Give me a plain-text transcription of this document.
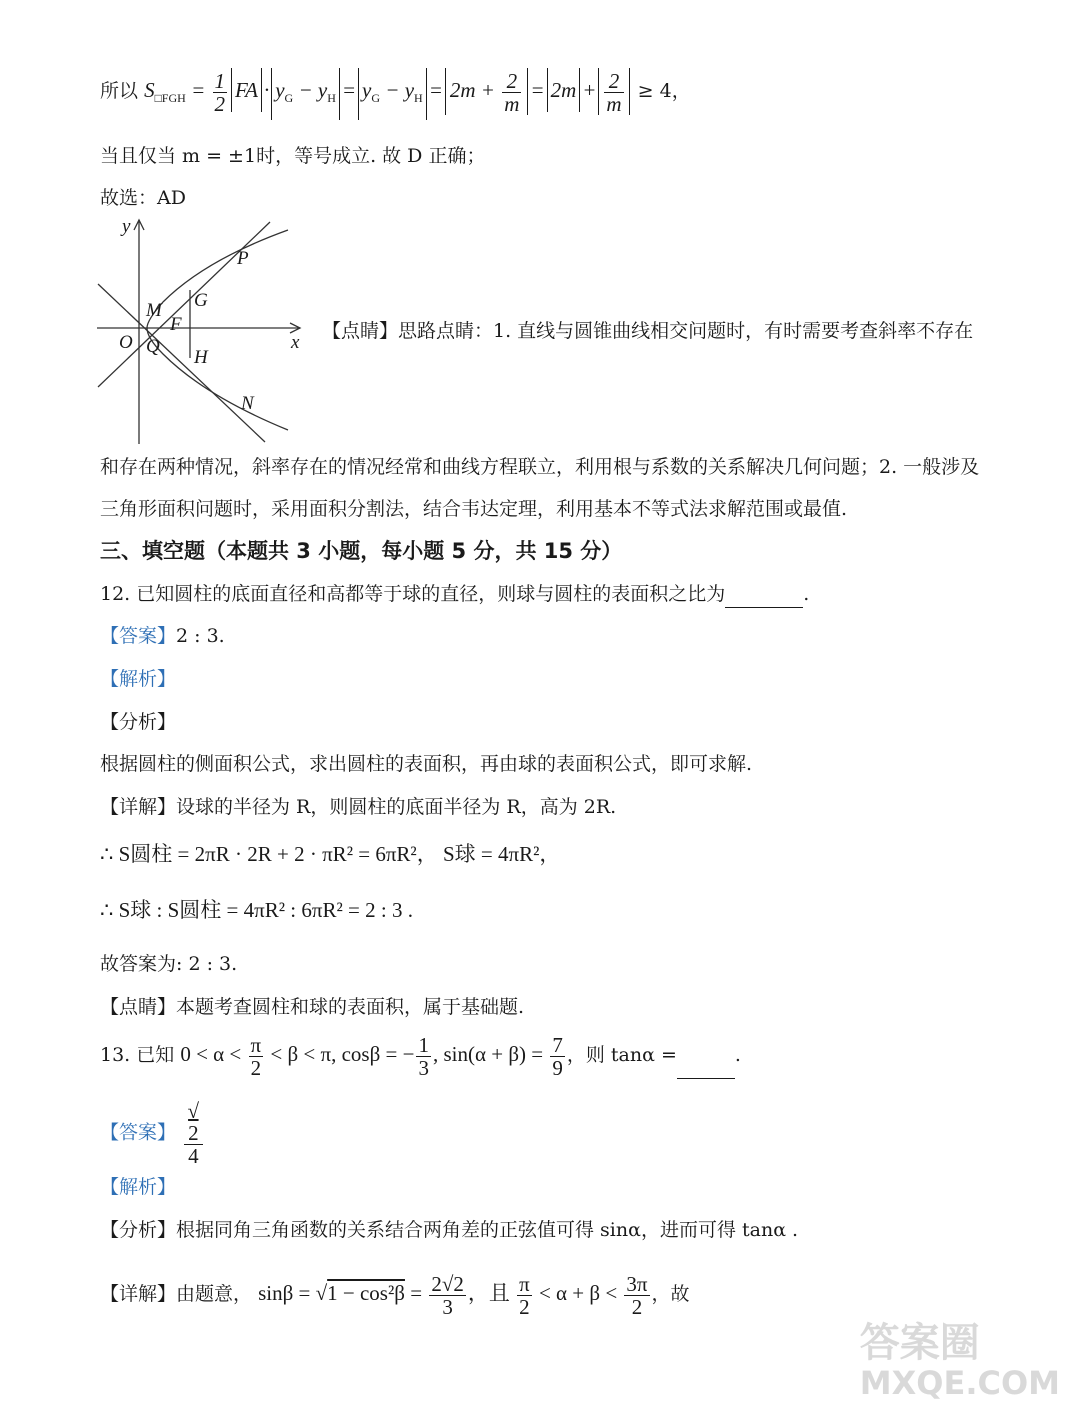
所以 $S_{□FGH} = \frac{1}{2}$ FA · $y_G - y_H = y_G - y_H = 2m + \frac{2}{m} = 2m + \frac{2}{m} \ge 4$，
当且仅当 m = ±1时，等号成立. 故 D 正确；
故选：AD
y
x
O
P
M G
F
Q
H
N
【点睛】思路点睛：1. 直线与圆锥曲线相交问题时，有时需要考查斜率不存在
和存在两种情况，斜率存在的情况经常和曲线方程联立，利用根与系数的关系解决几何问题；2. 一般涉及
三角形面积问题时，采用面积分割法，结合韦达定理，利用基本不等式法求解范围或最值.
三、填空题（本题共 3 小题，每小题 5 分，共 15 分）
12. 已知圆柱的底面直径和高都等于球的直径，则球与圆柱的表面积之比为	.
【答案】2 : 3.
【解析】
【分析】
根据圆柱的侧面积公式，求出圆柱的表面积，再由球的表面积公式，即可求解.
【详解】设球的半径为 R，则圆柱的底面半径为 R，高为 2R.
∴ S圆柱 = 2πR · 2R + 2 · πR² = 6πR²， S球 = 4πR²，
∴ S球 : S圆柱 = 4πR² : 6πR² = 2 : 3 .
故答案为: 2 : 3.
【点睛】本题考查圆柱和球的表面积，属于基础题.
13. 已知 $0 < \alpha < \frac{\pi}{2} < \beta < \pi$, cosβ = − $\frac{1}{3}$ , $\sin(\alpha + \beta) = \frac{7}{9}$ ，则 tanα =	.
【答案】 √
2
4
【解析】
【分析】根据同角三角函数的关系结合两角差的正弦值可得 sinα，进而可得 tanα .
【详解】由题意， $\sin\beta = √1 - \cos^2\beta = \frac{2√2}{3}$ ，且 $\frac{\pi}{2} < \alpha + \beta < \frac{3\pi}{2}$ ，故
答案圈
MXQE.COM
